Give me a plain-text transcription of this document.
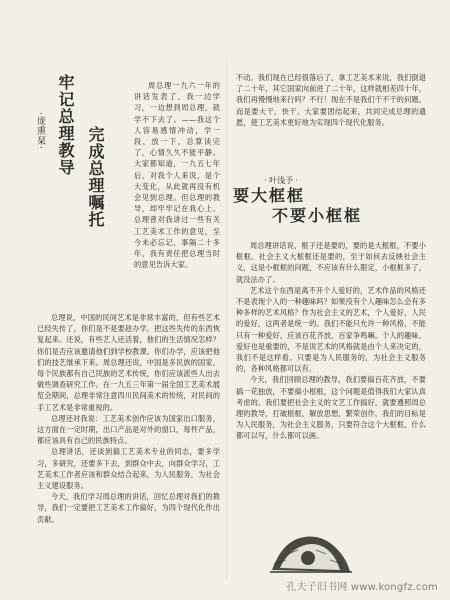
·庞熏琹· 牢记总理教导
完成总理嘱托

周总理一九六一年的讲话发表了，我一边学习，一边想到周总理，就学不下去了。——我这个人容易感情冲动，学一段，放一下，总算读完了，心情久久不能平静。大家都知道，一九五七年后，对我个人来说，是个大变化，从此就再没有机会见到总理。但总理的教导，却牢牢记在我心上。总理曾对我讲过一些有关工艺美术工作的意见，至今未必忘记，事隔二十多年，我有责任把总理当时的意见告诉大家。

总理说，中国的民间艺术是非常丰富的，但有些艺术已经失传了，你们是不是要趁办学，把这些失传的东西恢复起来。还说，有些艺人还活着，他们的生活情况怎样？你们是否应该邀请他们到学校教课。你们办学，应该把他们的技艺继承下来。周总理还说，中国是多民族的国家，每个民族都有自己民族的艺术传统，你们应该派些人出去做些调查研究工作。在一九五三年第一届全国工艺美术展览会期间，总理非常注意四川民间美术的传统，对民间的手工艺术是非常重视的。

总理还对我说：工艺美术创作应该为国家出口服务，这方面在一定时期，出口产品是对外的窗口，每件产品，都应该具有自己的民族特点。

总理讲话，还谈到搞工艺美术专业的同志，要多学习，多研究，还要多下去，到群众中去，向群众学习，工艺美术工作者应该和群众结合起来，为人民服务，为社会主义建设服务。

今天，我们学习周总理的讲话，回忆总理对我们的教导，我们一定要把工艺美术工作搞好，为四个现代化作出贡献。

不动。我们现在已经很落后了，拿工艺美术来说，我们倒退了二十年，其它国家向前进了二十年，这样就相差四十年，我们再慢慢地来行吗？不行！现在不是我们干不干的问题，而是要大干，快干。大家要团结起来，共同完成总理的遗愿，使工艺美术更好地为实现四个现代化服务。

· 叶浅予 ·
要大框框
不要小框框

周总理讲话说，框子还是要的，要的是大框框，不要小框框。社会主义大框框还是要的，至于如何去反映社会主义，这是小框框的问题，不应该有什么限定，小框框多了，就没法办了。

艺术这个东西是离不开个人爱好的，艺术作品的风格还不是表现个人的一种趣味吗？如果没有个人趣味怎么会有多种多样的艺术风格？作为社会主义的艺术，个人爱好，人民的爱好，这两者是统一的。我们不能只允许一种风格，不能只有一种爱好，应该百花齐放，百家争鸣嘛。个人的趣味、爱好也是重要的，不是说艺术的风格就是由个人来决定的，我们不是这样看。只要是为人民服务的，为社会主义服务的，各种风格都可以有。

今天，我们回顾总理的教导，我们要搞百花齐放，不要搞一花独放，不要搞小框框，这个问题是值得我们大家认真考虑的。我们要把社会主义的文艺工作搞好，就要遵照周总理的教导，打破框框，解放思想，繁荣创作。我们的目标是为人民服务，为社会主义服务，只要符合这个大框框，什么都可以写，什么都可以画。

孔夫子旧书网 www.kongfz.com
